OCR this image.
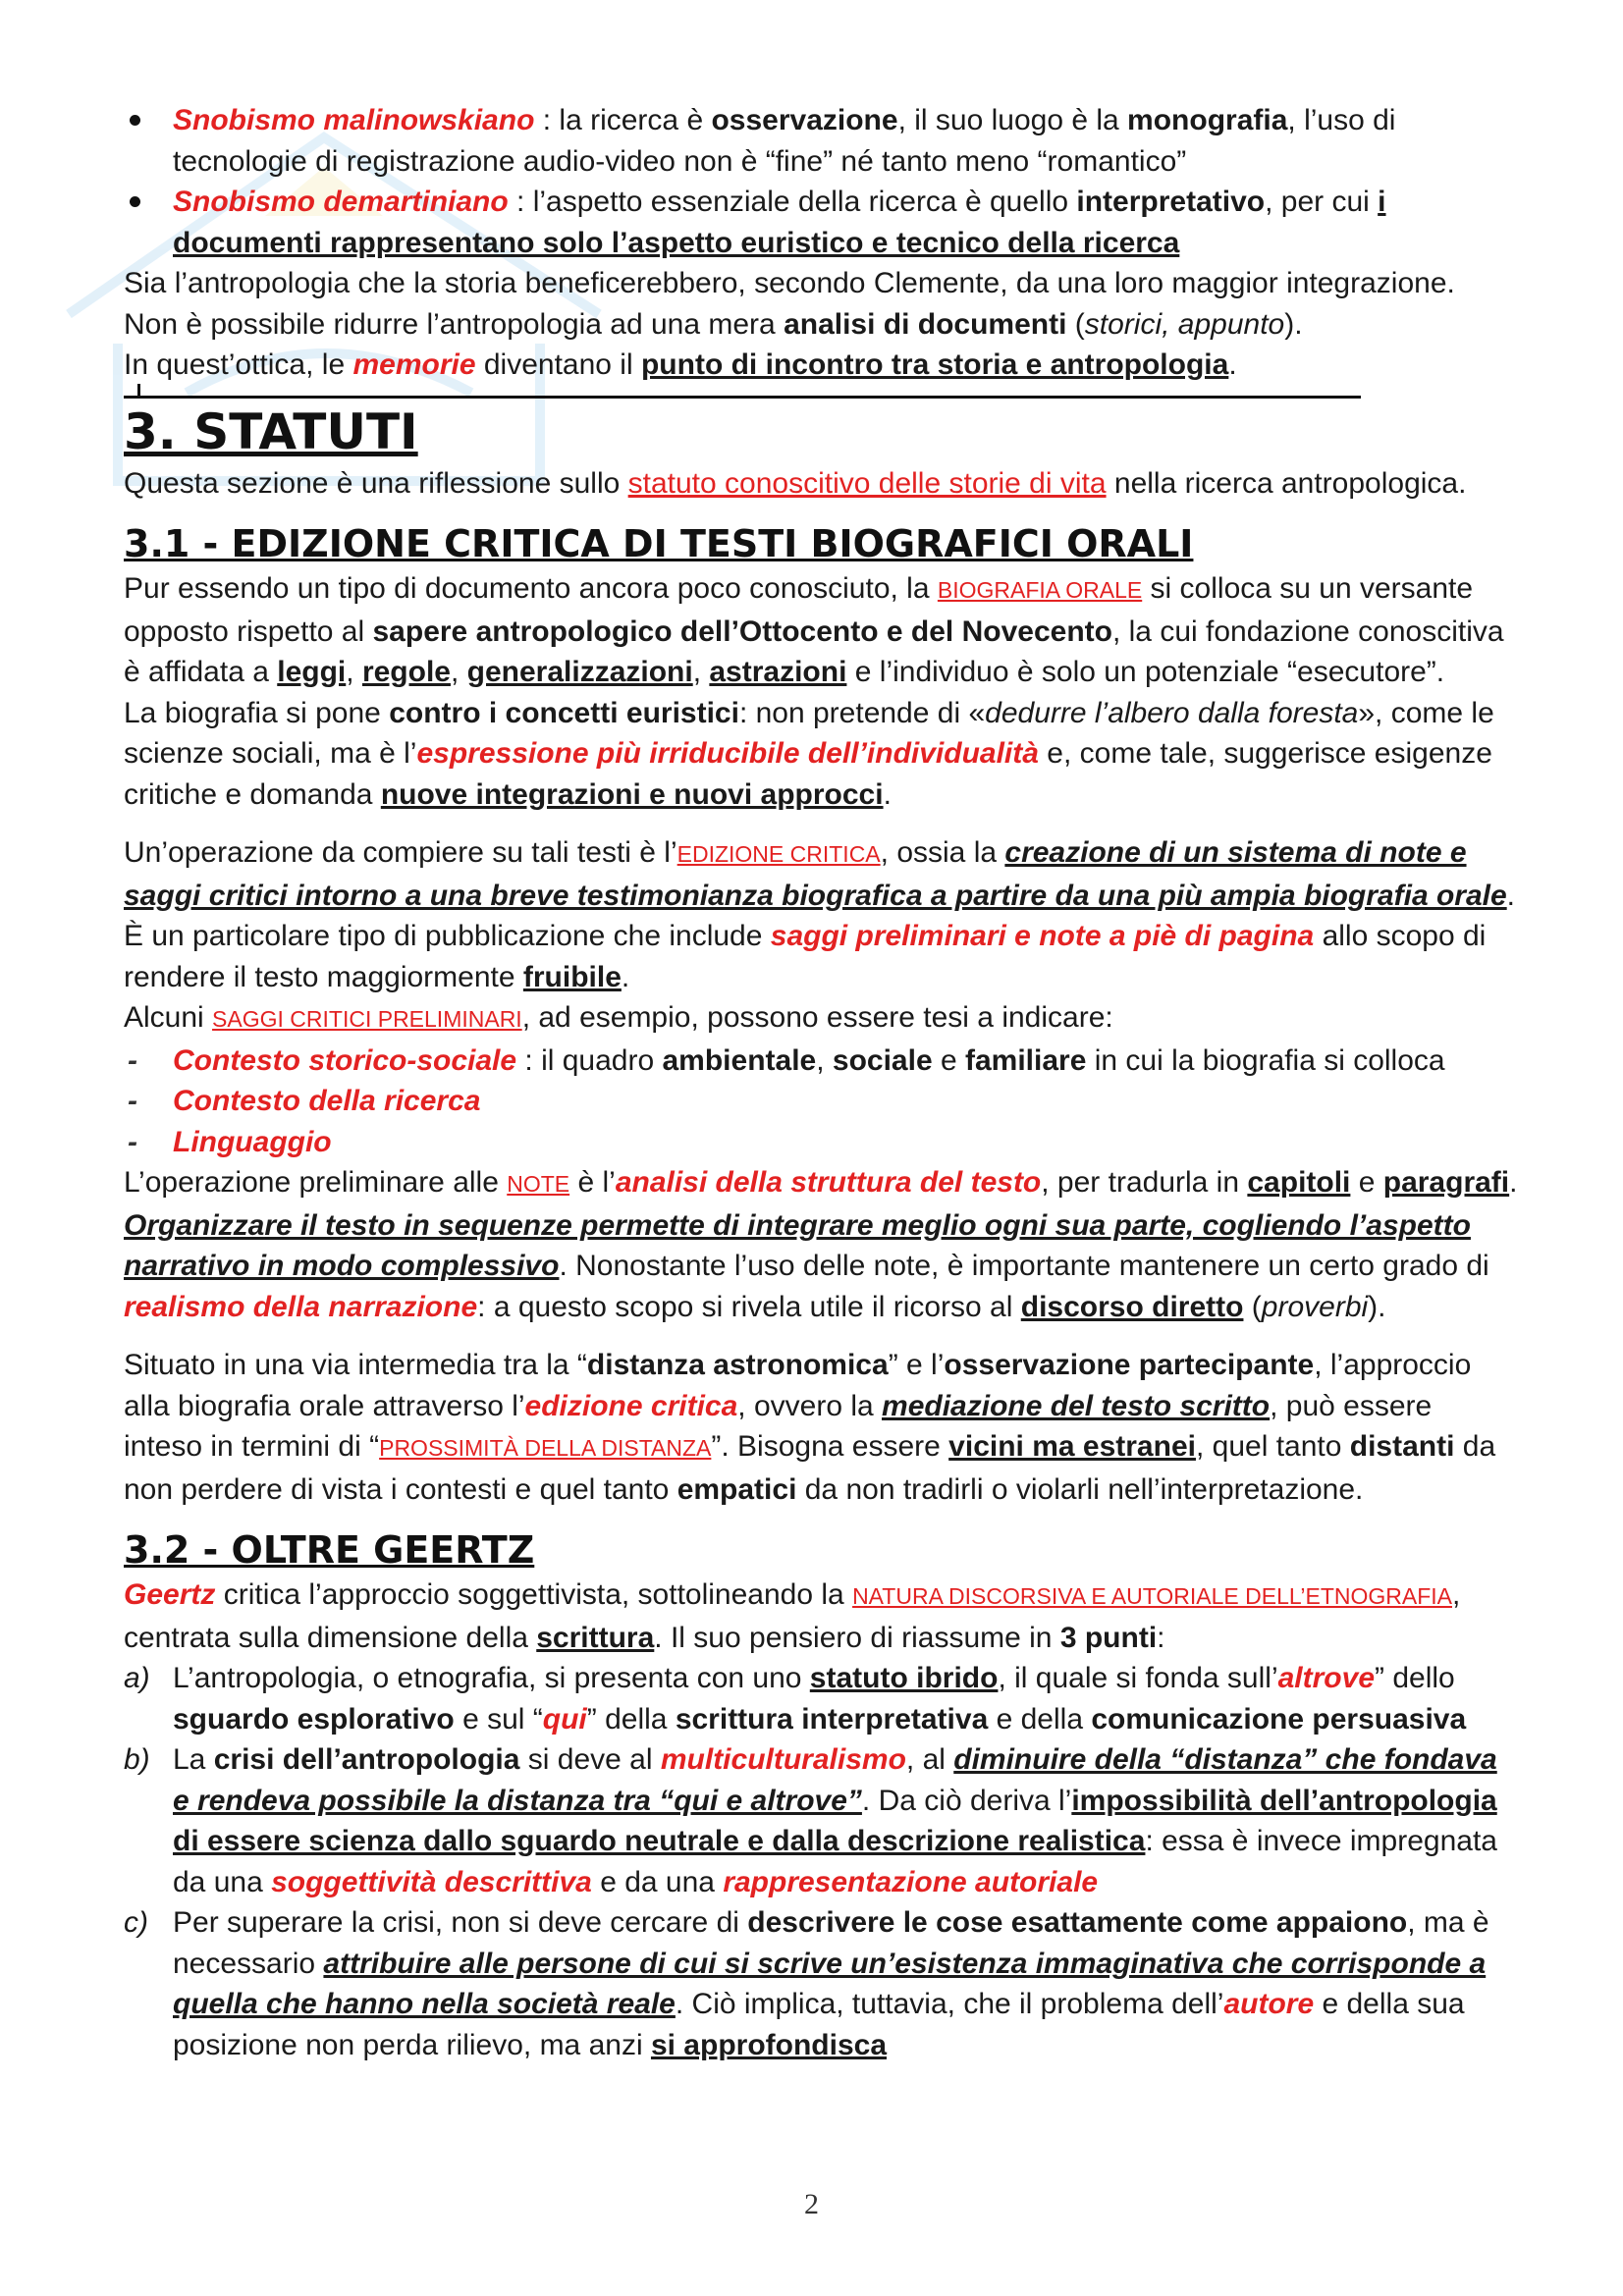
Snobismo malinowskiano : la ricerca è osservazione, il suo luogo è la monografia, l’uso di tecnologie di registrazione audio-video non è “fine” né tanto meno “romantico”
Snobismo demartiniano : l’aspetto essenziale della ricerca è quello interpretativo, per cui i documenti rappresentano solo l’aspetto euristico e tecnico della ricerca

Sia l’antropologia che la storia beneficerebbero, secondo Clemente, da una loro maggior integrazione.

Non è possibile ridurre l’antropologia ad una mera analisi di documenti (storici, appunto).

In quest’ottica, le memorie diventano il punto di incontro tra storia e antropologia.

3. STATUTI

Questa sezione è una riflessione sullo statuto conoscitivo delle storie di vita nella ricerca antropologica.

3.1 - EDIZIONE CRITICA DI TESTI BIOGRAFICI ORALI

Pur essendo un tipo di documento ancora poco conosciuto, la BIOGRAFIA ORALE si colloca su un versante opposto rispetto al sapere antropologico dell’Ottocento e del Novecento, la cui fondazione conoscitiva è affidata a leggi, regole, generalizzazioni, astrazioni e l’individuo è solo un potenziale “esecutore”.

La biografia si pone contro i concetti euristici: non pretende di «dedurre l’albero dalla foresta», come le scienze sociali, ma è l’espressione più irriducibile dell’individualità e, come tale, suggerisce esigenze critiche e domanda nuove integrazioni e nuovi approcci.

Un’operazione da compiere su tali testi è l’EDIZIONE CRITICA, ossia la creazione di un sistema di note e saggi critici intorno a una breve testimonianza biografica a partire da una più ampia biografia orale.

È un particolare tipo di pubblicazione che include saggi preliminari e note a piè di pagina allo scopo di rendere il testo maggiormente fruibile.

Alcuni SAGGI CRITICI PRELIMINARI, ad esempio, possono essere tesi a indicare:

- Contesto storico-sociale : il quadro ambientale, sociale e familiare in cui la biografia si colloca
- Contesto della ricerca
- Linguaggio

L’operazione preliminare alle NOTE è l’analisi della struttura del testo, per tradurla in capitoli e paragrafi. Organizzare il testo in sequenze permette di integrare meglio ogni sua parte, cogliendo l’aspetto narrativo in modo complessivo. Nonostante l’uso delle note, è importante mantenere un certo grado di realismo della narrazione: a questo scopo si rivela utile il ricorso al discorso diretto (proverbi).

Situato in una via intermedia tra la “distanza astronomica” e l’osservazione partecipante, l’approccio alla biografia orale attraverso l’edizione critica, ovvero la mediazione del testo scritto, può essere inteso in termini di “PROSSIMITÀ DELLA DISTANZA”. Bisogna essere vicini ma estranei, quel tanto distanti da non perdere di vista i contesti e quel tanto empatici da non tradirli o violarli nell’interpretazione.

3.2 - OLTRE GEERTZ

Geertz critica l’approccio soggettivista, sottolineando la NATURA DISCORSIVA E AUTORIALE DELL’ETNOGRAFIA, centrata sulla dimensione della scrittura. Il suo pensiero di riassume in 3 punti:

a) L’antropologia, o etnografia, si presenta con uno statuto ibrido, il quale si fonda sull’altrove” dello sguardo esplorativo e sul “qui” della scrittura interpretativa e della comunicazione persuasiva
b) La crisi dell’antropologia si deve al multiculturalismo, al diminuire della “distanza” che fondava e rendeva possibile la distanza tra “qui e altrove”. Da ciò deriva l’impossibilità dell’antropologia di essere scienza dallo sguardo neutrale e dalla descrizione realistica: essa è invece impregnata da una soggettività descrittiva e da una rappresentazione autoriale
c) Per superare la crisi, non si deve cercare di descrivere le cose esattamente come appaiono, ma è necessario attribuire alle persone di cui si scrive un’esistenza immaginativa che corrisponde a quella che hanno nella società reale. Ciò implica, tuttavia, che il problema dell’autore e della sua posizione non perda rilievo, ma anzi si approfondisca
2
